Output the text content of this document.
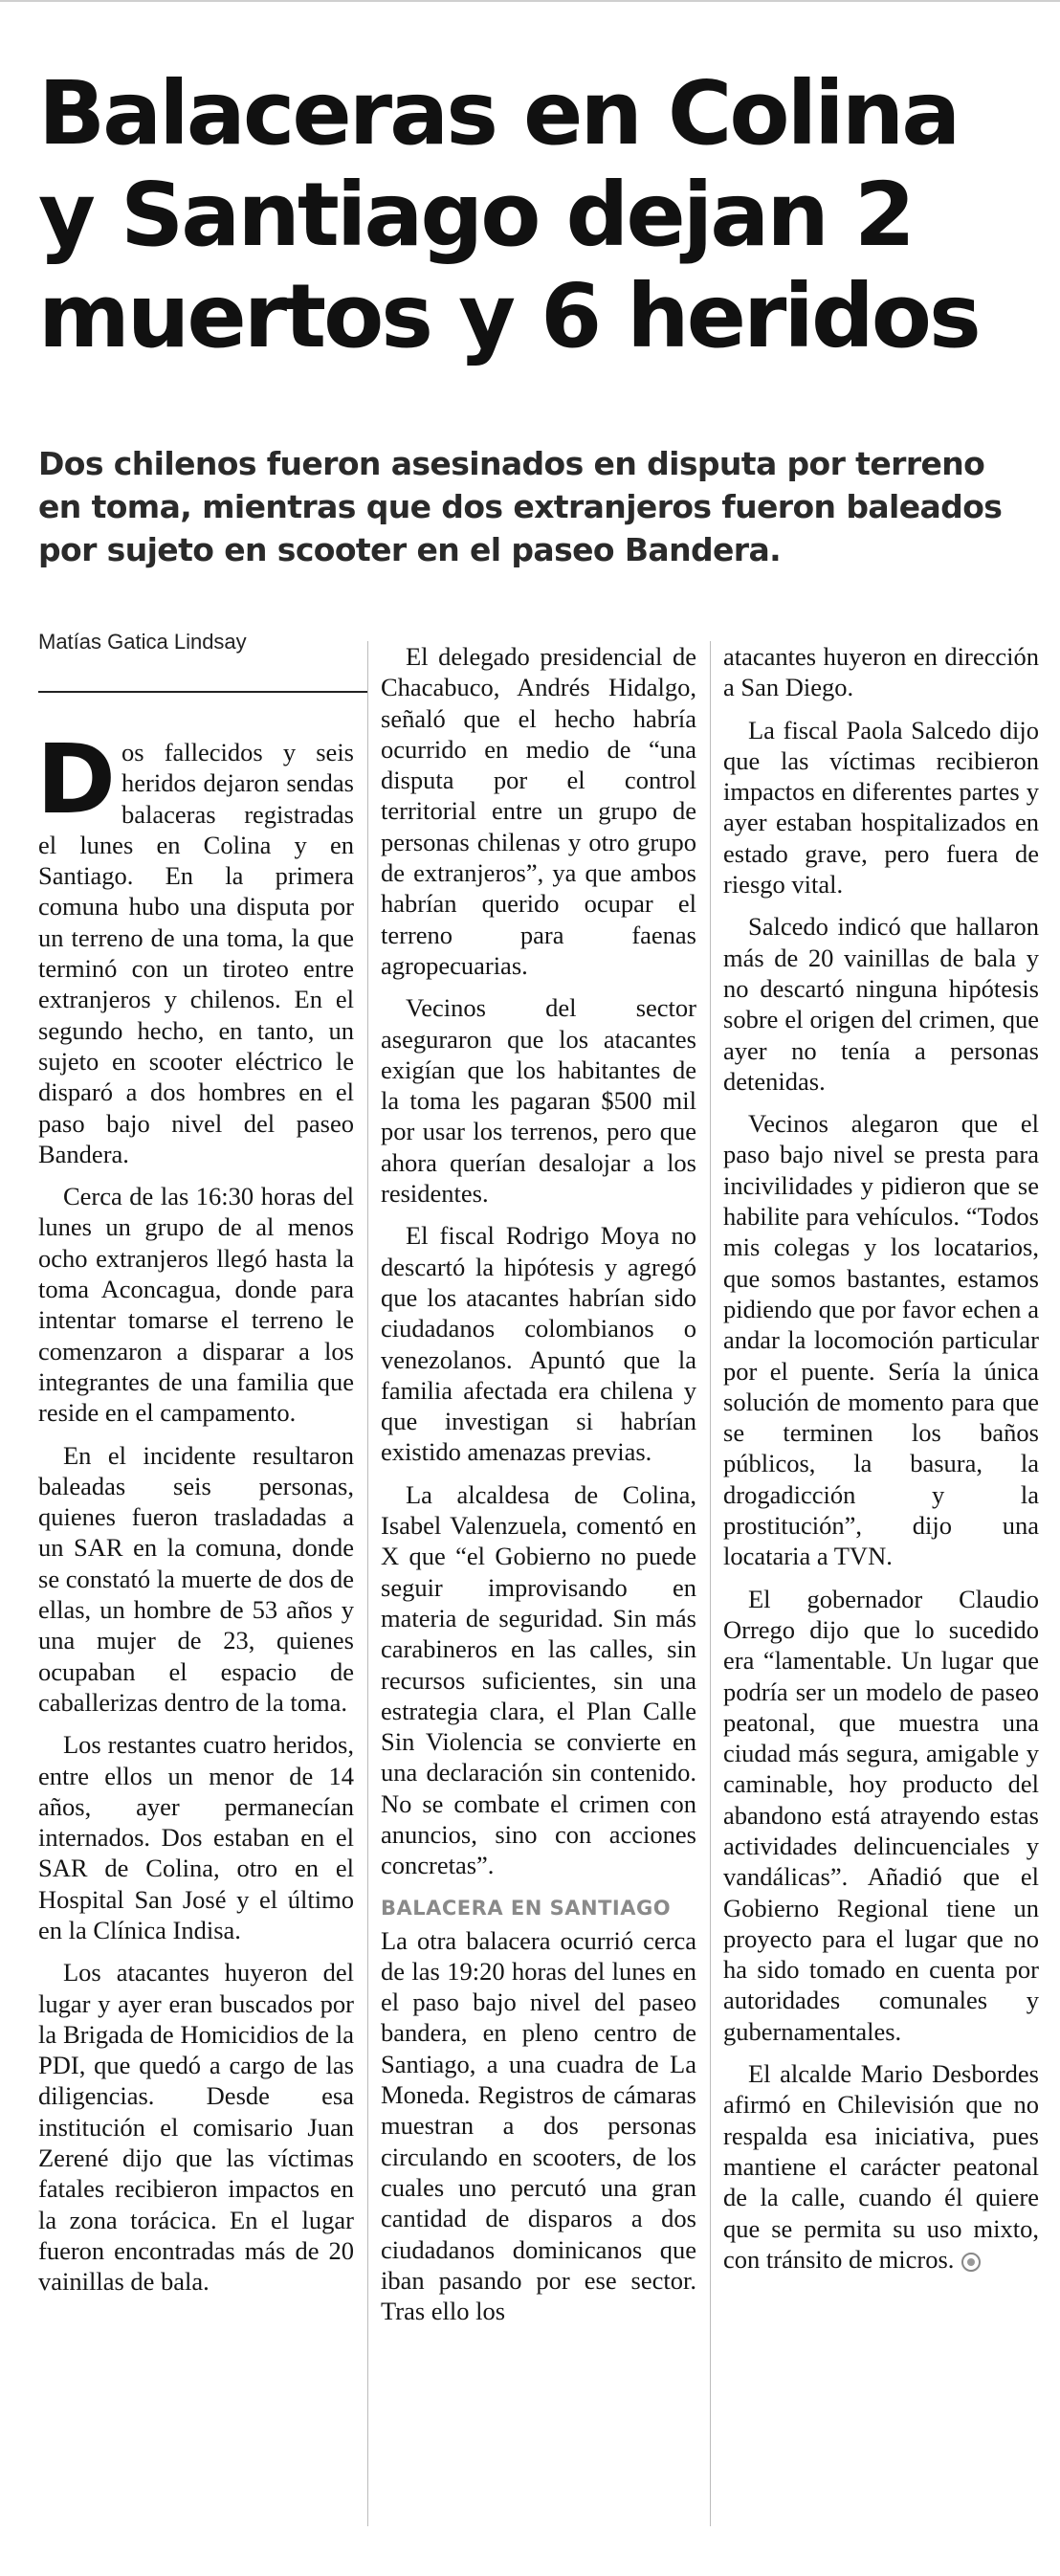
Balaceras en Colina y Santiago dejan 2 muertos y 6 heridos
Dos chilenos fueron asesinados en disputa por terreno en toma, mientras que dos extranjeros fueron baleados por sujeto en scooter en el paseo Bandera.
Matías Gatica Lindsay

Dos fallecidos y seis heridos dejaron sendas balaceras registradas el lunes en Colina y en Santiago. En la primera comuna hubo una disputa por un terreno de una toma, la que terminó con un tiroteo entre extranjeros y chilenos. En el segundo hecho, en tanto, un sujeto en scooter eléctrico le disparó a dos hombres en el paso bajo nivel del paseo Bandera.

Cerca de las 16:30 horas del lunes un grupo de al menos ocho extranjeros llegó hasta la toma Aconcagua, donde para intentar tomarse el terreno le comenzaron a disparar a los integrantes de una familia que reside en el campamento.

En el incidente resultaron baleadas seis personas, quienes fueron trasladadas a un SAR en la comuna, donde se constató la muerte de dos de ellas, un hombre de 53 años y una mujer de 23, quienes ocupaban el espacio de caballerizas dentro de la toma.

Los restantes cuatro heridos, entre ellos un menor de 14 años, ayer permanecían internados. Dos estaban en el SAR de Colina, otro en el Hospital San José y el último en la Clínica Indisa.

Los atacantes huyeron del lugar y ayer eran buscados por la Brigada de Homicidios de la PDI, que quedó a cargo de las diligencias. Desde esa institución el comisario Juan Zerené dijo que las víctimas fatales recibieron impactos en la zona torácica. En el lugar fueron encontradas más de 20 vainillas de bala.

El delegado presidencial de Chacabuco, Andrés Hidalgo, señaló que el hecho habría ocurrido en medio de “una disputa por el control territorial entre un grupo de personas chilenas y otro grupo de extranjeros”, ya que ambos habrían querido ocupar el terreno para faenas agropecuarias.

Vecinos del sector aseguraron que los atacantes exigían que los habitantes de la toma les pagaran $500 mil por usar los terrenos, pero que ahora querían desalojar a los residentes.

El fiscal Rodrigo Moya no descartó la hipótesis y agregó que los atacantes habrían sido ciudadanos colombianos o venezolanos. Apuntó que la familia afectada era chilena y que investigan si habrían existido amenazas previas.

La alcaldesa de Colina, Isabel Valenzuela, comentó en X que “el Gobierno no puede seguir improvisando en materia de seguridad. Sin más carabineros en las calles, sin recursos suficientes, sin una estrategia clara, el Plan Calle Sin Violencia se convierte en una declaración sin contenido. No se combate el crimen con anuncios, sino con acciones concretas”.

BALACERA EN SANTIAGO

La otra balacera ocurrió cerca de las 19:20 horas del lunes en el paso bajo nivel del paseo bandera, en pleno centro de Santiago, a una cuadra de La Moneda. Registros de cámaras muestran a dos personas circulando en scooters, de los cuales uno percutó una gran cantidad de disparos a dos ciudadanos dominicanos que iban pasando por ese sector. Tras ello los

atacantes huyeron en dirección a San Diego.

La fiscal Paola Salcedo dijo que las víctimas recibieron impactos en diferentes partes y ayer estaban hospitalizados en estado grave, pero fuera de riesgo vital.

Salcedo indicó que hallaron más de 20 vainillas de bala y no descartó ninguna hipótesis sobre el origen del crimen, que ayer no tenía a personas detenidas.

Vecinos alegaron que el paso bajo nivel se presta para incivilidades y pidieron que se habilite para vehículos. “Todos mis colegas y los locatarios, que somos bastantes, estamos pidiendo que por favor echen a andar la locomoción particular por el puente. Sería la única solución de momento para que se terminen los baños públicos, la basura, la drogadicción y la prostitución”, dijo una locataria a TVN.

El gobernador Claudio Orrego dijo que lo sucedido era “lamentable. Un lugar que podría ser un modelo de paseo peatonal, que muestra una ciudad más segura, amigable y caminable, hoy producto del abandono está atrayendo estas actividades delincuenciales y vandálicas”. Añadió que el Gobierno Regional tiene un proyecto para el lugar que no ha sido tomado en cuenta por autoridades comunales y gubernamentales.

El alcalde Mario Desbordes afirmó en Chilevisión que no respalda esa iniciativa, pues mantiene el carácter peatonal de la calle, cuando él quiere que se permita su uso mixto, con tránsito de micros.
